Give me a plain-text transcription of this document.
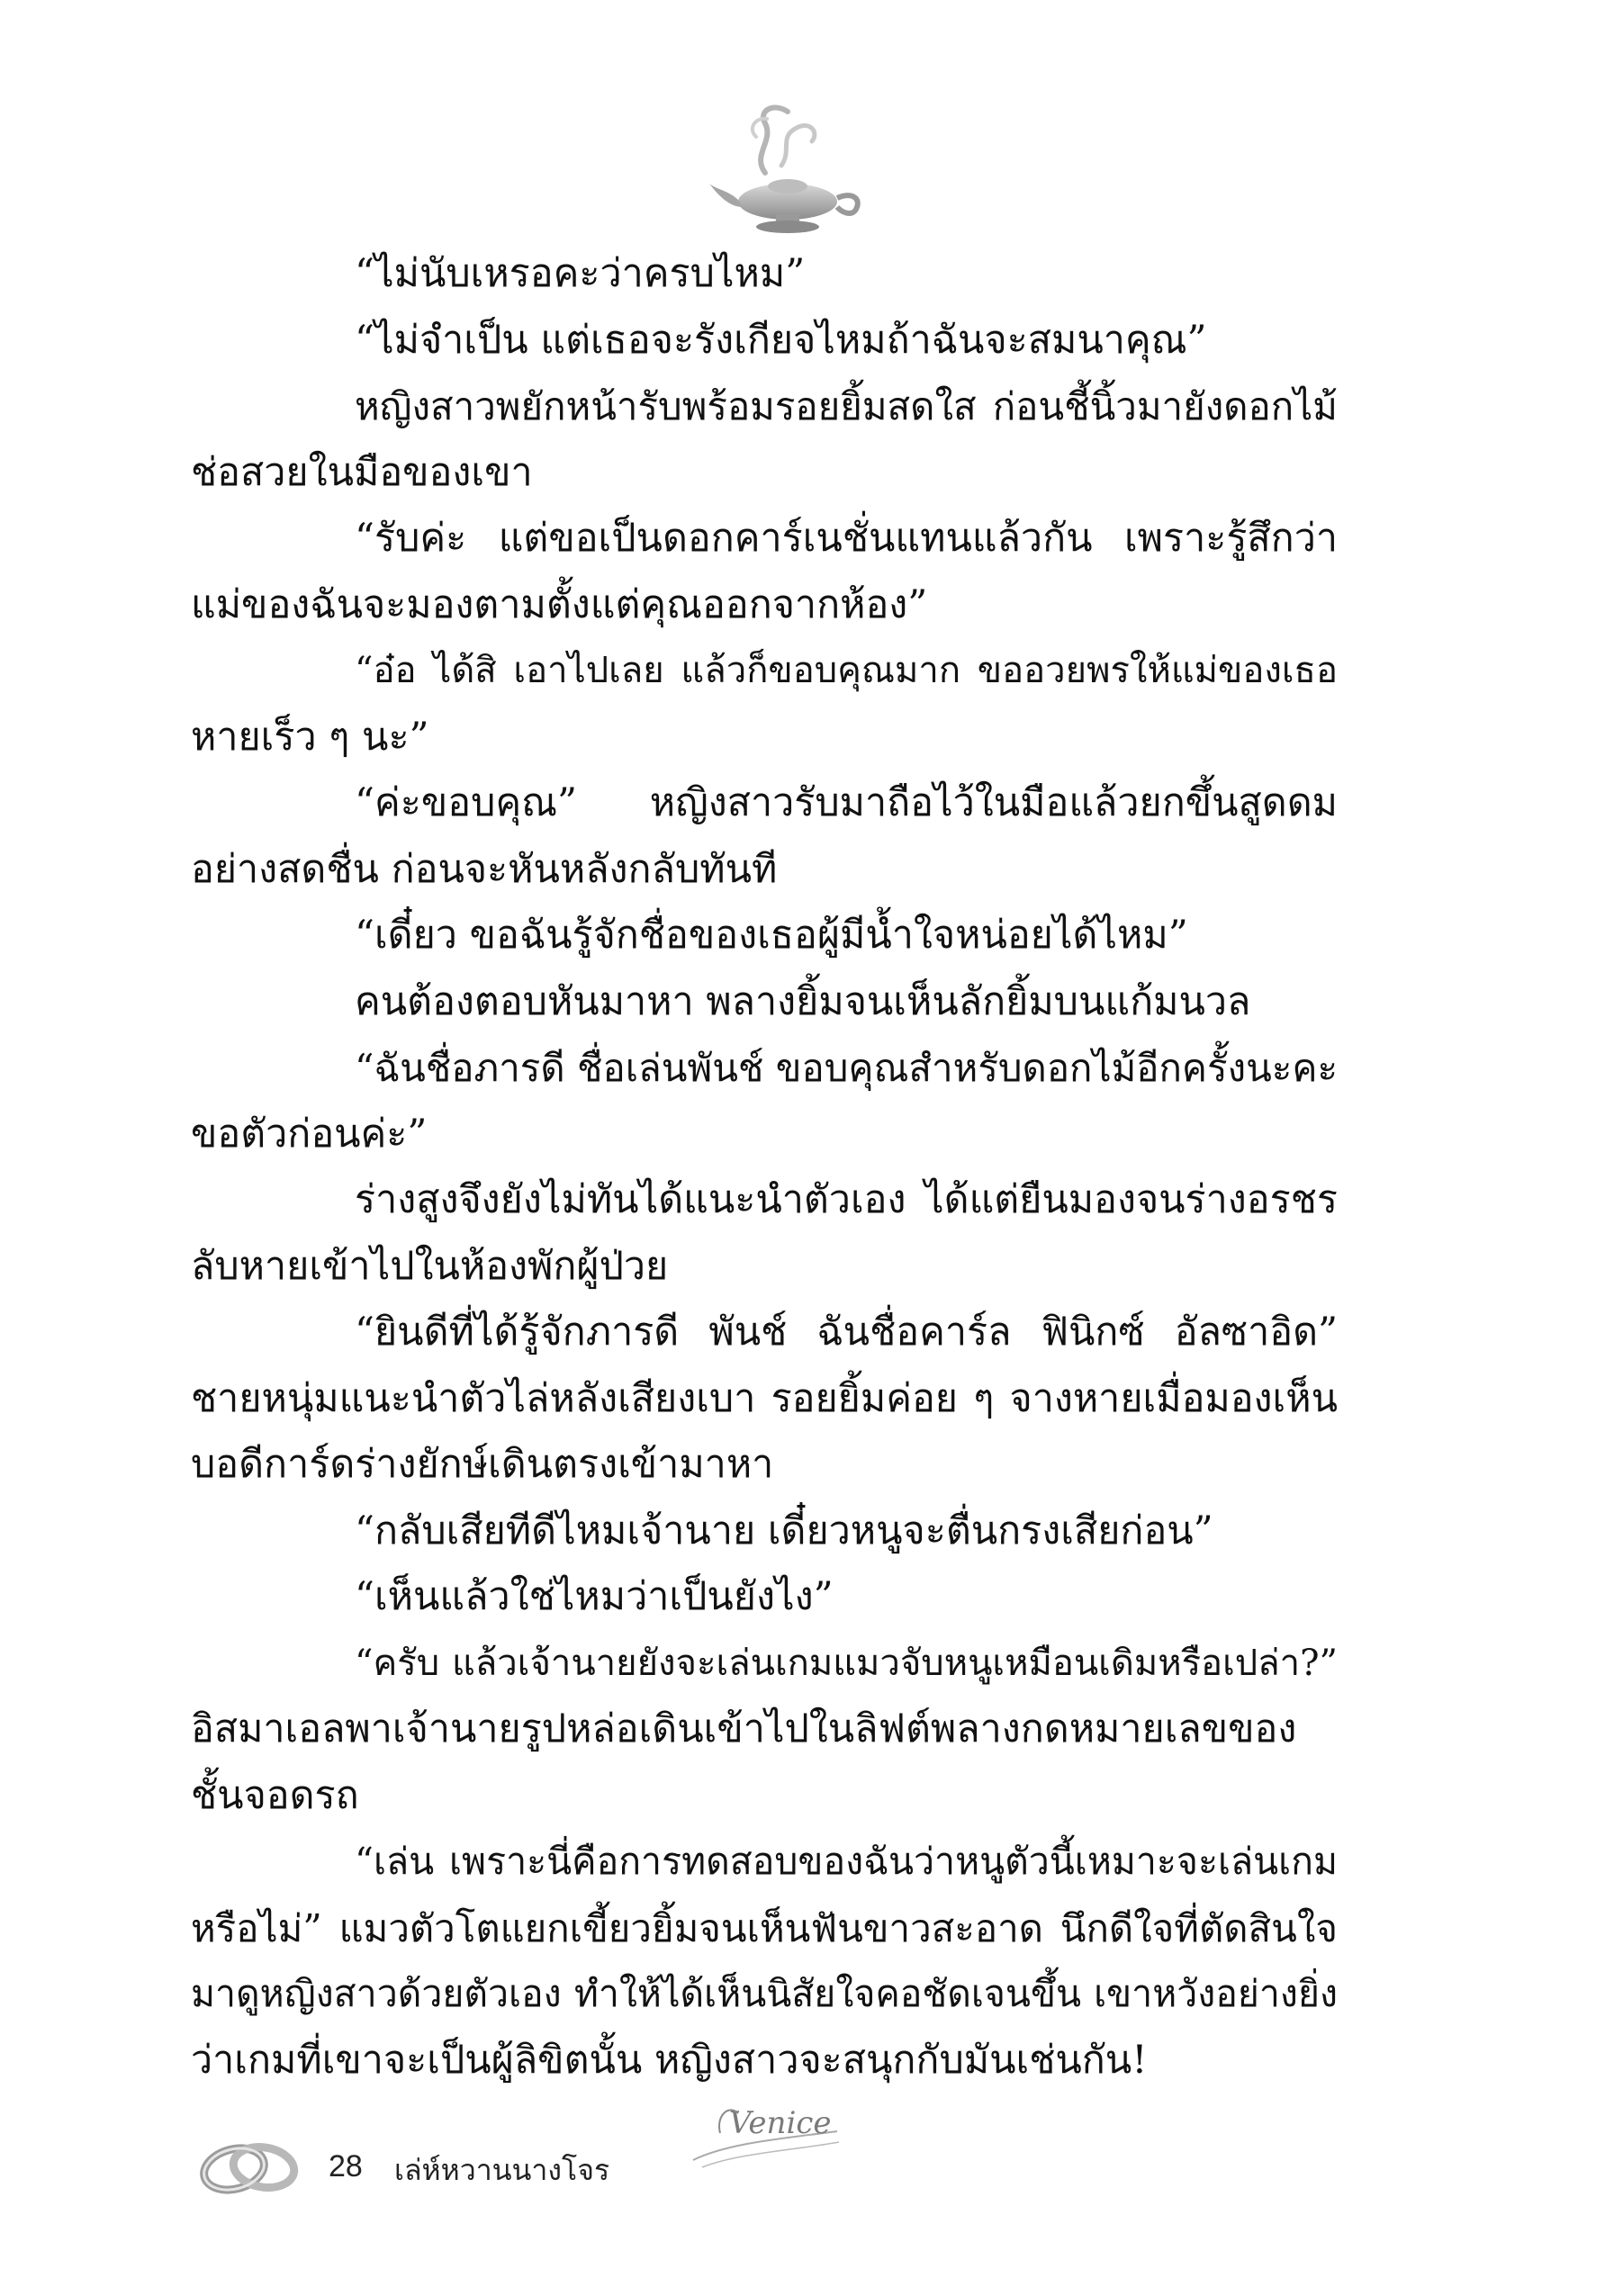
“ไม่นับเหรอคะว่าครบไหม”
“ไม่จำเป็น แต่เธอจะรังเกียจไหมถ้าฉันจะสมนาคุณ”
หญิงสาวพยักหน้ารับพร้อมรอยยิ้มสดใส ก่อนชี้นิ้วมายังดอกไม้
ช่อสวยในมือของเขา
“รับค่ะ แต่ขอเป็นดอกคาร์เนชั่นแทนแล้วกัน เพราะรู้สึกว่า
แม่ของฉันจะมองตามตั้งแต่คุณออกจากห้อง”
“อ๋อ ได้สิ เอาไปเลย แล้วก็ขอบคุณมาก ขออวยพรให้แม่ของเธอ
หายเร็ว ๆ นะ”
“ค่ะขอบคุณ” หญิงสาวรับมาถือไว้ในมือแล้วยกขึ้นสูดดม
อย่างสดชื่น ก่อนจะหันหลังกลับทันที
“เดี๋ยว ขอฉันรู้จักชื่อของเธอผู้มีน้ำใจหน่อยได้ไหม”
คนต้องตอบหันมาหา พลางยิ้มจนเห็นลักยิ้มบนแก้มนวล
“ฉันชื่อภารดี ชื่อเล่นพันช์ ขอบคุณสำหรับดอกไม้อีกครั้งนะคะ
ขอตัวก่อนค่ะ”
ร่างสูงจึงยังไม่ทันได้แนะนำตัวเอง ได้แต่ยืนมองจนร่างอรชร
ลับหายเข้าไปในห้องพักผู้ป่วย
“ยินดีที่ได้รู้จักภารดี พันช์ ฉันชื่อคาร์ล ฟินิกซ์ อัลซาอิด”
ชายหนุ่มแนะนำตัวไล่หลังเสียงเบา รอยยิ้มค่อย ๆ จางหายเมื่อมองเห็น
บอดีการ์ดร่างยักษ์เดินตรงเข้ามาหา
“กลับเสียทีดีไหมเจ้านาย เดี๋ยวหนูจะตื่นกรงเสียก่อน”
“เห็นแล้วใช่ไหมว่าเป็นยังไง”
“ครับ แล้วเจ้านายยังจะเล่นเกมแมวจับหนูเหมือนเดิมหรือเปล่า?”
อิสมาเอลพาเจ้านายรูปหล่อเดินเข้าไปในลิฟต์พลางกดหมายเลขของ
ชั้นจอดรถ
“เล่น เพราะนี่คือการทดสอบของฉันว่าหนูตัวนี้เหมาะจะเล่นเกม
หรือไม่” แมวตัวโตแยกเขี้ยวยิ้มจนเห็นฟันขาวสะอาด นึกดีใจที่ตัดสินใจ
มาดูหญิงสาวด้วยตัวเอง ทำให้ได้เห็นนิสัยใจคอชัดเจนขึ้น เขาหวังอย่างยิ่ง
ว่าเกมที่เขาจะเป็นผู้ลิขิตนั้น หญิงสาวจะสนุกกับมันเช่นกัน!
28 เล่ห์หวานนางโจร
Venice
